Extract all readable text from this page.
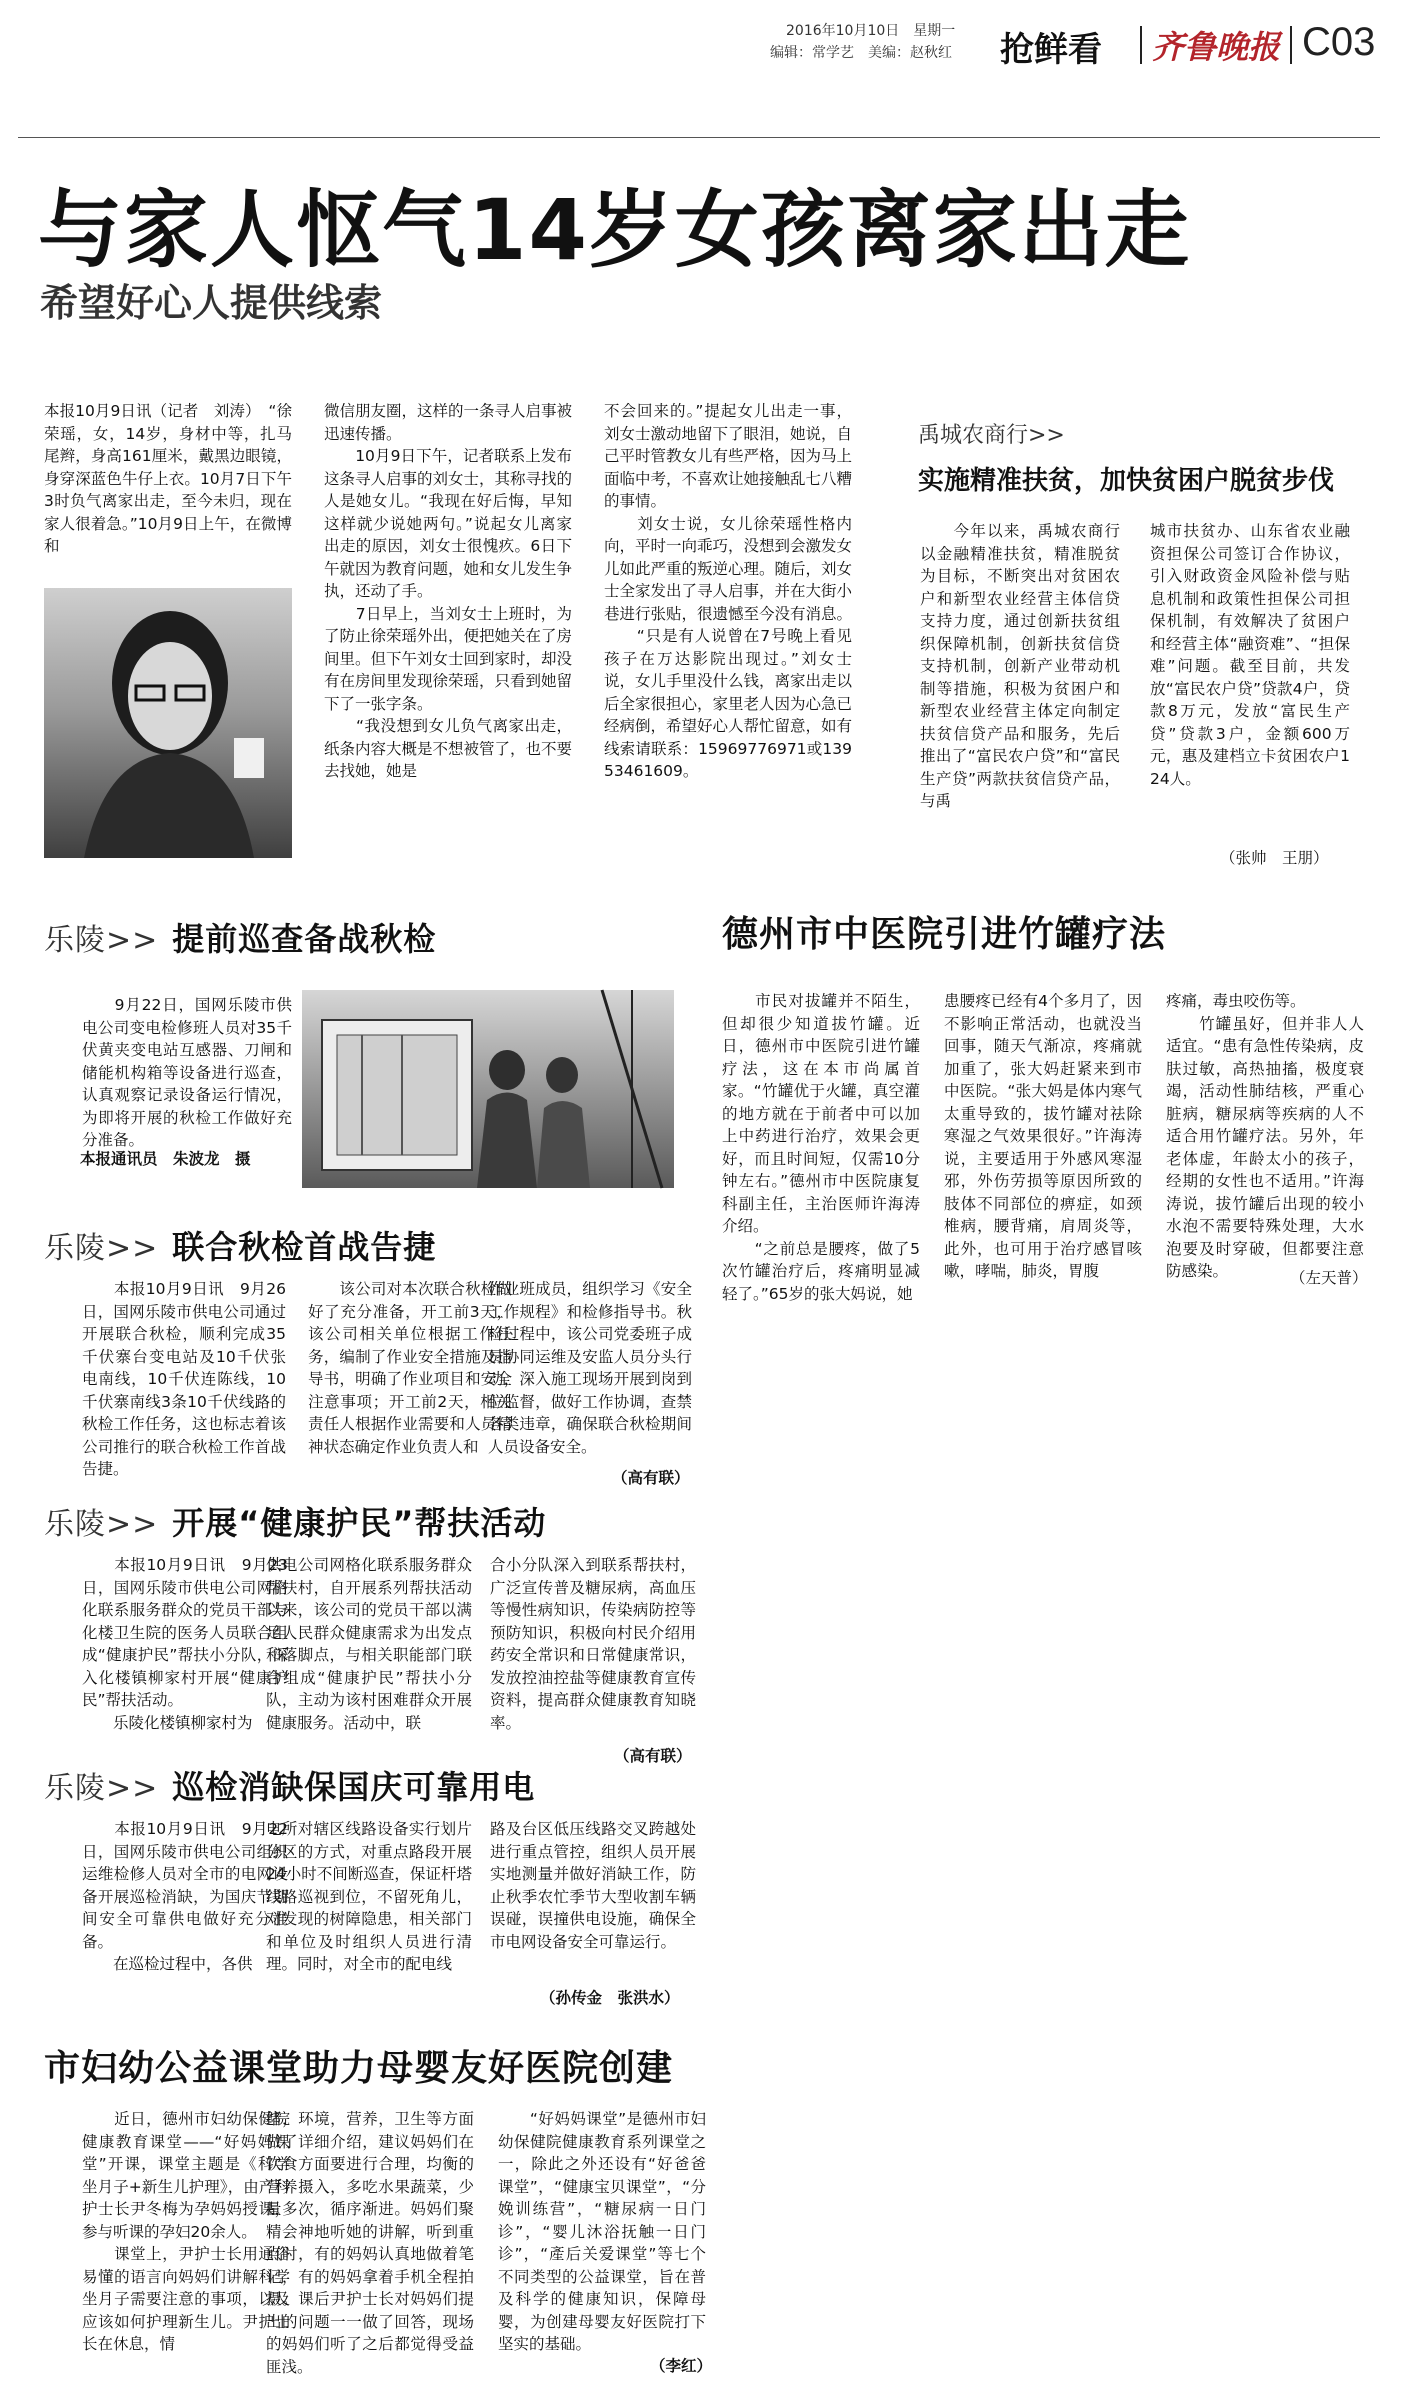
2016年10月10日　星期一
编辑：常学艺　美编：赵秋红 抢鲜看 齐鲁晚报 C03
与家人怄气14岁女孩离家出走
希望好心人提供线索
本报10月9日讯（记者　刘涛）　“徐荣瑶，女，14岁，身材中等，扎马尾辫，身高161厘米，戴黑边眼镜，身穿深蓝色牛仔上衣。10月7日下午3时负气离家出走，至今未归，现在家人很着急。”10月9日上午，在微博和
微信朋友圈，这样的一条寻人启事被迅速传播。
　　10月9日下午，记者联系上发布这条寻人启事的刘女士，其称寻找的人是她女儿。“我现在好后悔，早知这样就少说她两句。”说起女儿离家出走的原因，刘女士很愧疚。6日下午就因为教育问题，她和女儿发生争执，还动了手。
　　7日早上，当刘女士上班时，为了防止徐荣瑶外出，便把她关在了房间里。但下午刘女士回到家时，却没有在房间里发现徐荣瑶，只看到她留下了一张字条。
　　“我没想到女儿负气离家出走，纸条内容大概是不想被管了，也不要去找她，她是
不会回来的。”提起女儿出走一事，刘女士激动地留下了眼泪，她说，自己平时管教女儿有些严格，因为马上面临中考，不喜欢让她接触乱七八糟的事情。
　　刘女士说，女儿徐荣瑶性格内向，平时一向乖巧，没想到会激发女儿如此严重的叛逆心理。随后，刘女士全家发出了寻人启事，并在大街小巷进行张贴，很遗憾至今没有消息。
　　“只是有人说曾在7号晚上看见孩子在万达影院出现过。”刘女士说，女儿手里没什么钱，离家出走以后全家很担心，家里老人因为心急已经病倒，希望好心人帮忙留意，如有线索请联系：15969776971或13953461609。
禹城农商行>>
实施精准扶贫，加快贫困户脱贫步伐
　　今年以来，禹城农商行以金融精准扶贫，精准脱贫为目标，不断突出对贫困农户和新型农业经营主体信贷支持力度，通过创新扶贫组织保障机制，创新扶贫信贷支持机制，创新产业带动机制等措施，积极为贫困户和新型农业经营主体定向制定扶贫信贷产品和服务，先后推出了“富民农户贷”和“富民生产贷”两款扶贫信贷产品，与禹
城市扶贫办、山东省农业融资担保公司签订合作协议，引入财政资金风险补偿与贴息机制和政策性担保公司担保机制，有效解决了贫困户和经营主体“融资难”、“担保难”问题。截至目前，共发放“富民农户贷”贷款4户，贷款8万元，发放“富民生产贷”贷款3户，金额600万元，惠及建档立卡贫困农户124人。
（张帅　王朋）
乐陵>> 提前巡查备战秋检
　　9月22日，国网乐陵市供电公司变电检修班人员对35千伏黄夹变电站互感器、刀闸和储能机构箱等设备进行巡查，认真观察记录设备运行情况，为即将开展的秋检工作做好充分准备。
本报通讯员　朱波龙　摄
德州市中医院引进竹罐疗法
　　市民对拔罐并不陌生，但却很少知道拔竹罐。近日，德州市中医院引进竹罐疗法，这在本市尚属首家。“竹罐优于火罐，真空灌的地方就在于前者中可以加上中药进行治疗，效果会更好，而且时间短，仅需10分钟左右。”德州市中医院康复科副主任，主治医师许海涛介绍。
　　“之前总是腰疼，做了5次竹罐治疗后，疼痛明显减轻了。”65岁的张大妈说，她
患腰疼已经有4个多月了，因不影响正常活动，也就没当回事，随天气渐凉，疼痛就加重了，张大妈赶紧来到市中医院。“张大妈是体内寒气太重导致的，拔竹罐对祛除寒湿之气效果很好。”许海涛说，主要适用于外感风寒湿邪，外伤劳损等原因所致的肢体不同部位的痹症，如颈椎病，腰背痛，肩周炎等，此外，也可用于治疗感冒咳嗽，哮喘，肺炎，胃腹
疼痛，毒虫咬伤等。
　　竹罐虽好，但并非人人适宜。“患有急性传染病，皮肤过敏，高热抽搐，极度衰竭，活动性肺结核，严重心脏病，糖尿病等疾病的人不适合用竹罐疗法。另外，年老体虚，年龄太小的孩子，经期的女性也不适用。”许海涛说，拔竹罐后出现的较小水泡不需要特殊处理，大水泡要及时穿破，但都要注意防感染。	（左天普）
乐陵>> 联合秋检首战告捷
　　本报10月9日讯　9月26日，国网乐陵市供电公司通过开展联合秋检，顺利完成35千伏寨台变电站及10千伏张电南线，10千伏连陈线，10千伏寨南线3条10千伏线路的秋检工作任务，这也标志着该公司推行的联合秋检工作首战告捷。
　　该公司对本次联合秋检做好了充分准备，开工前3天，该公司相关单位根据工作任务，编制了作业安全措施及指导书，明确了作业项目和安全注意事项；开工前2天，相关责任人根据作业需要和人员精神状态确定作业负责人和
作业班成员，组织学习《安全工作规程》和检修指导书。秋检过程中，该公司党委班子成员协同运维及安监人员分头行动，深入施工现场开展到岗到位监督，做好工作协调，查禁各类违章，确保联合秋检期间人员设备安全。
（高有联）
乐陵>> 开展“健康护民”帮扶活动
　　本报10月9日讯　9月23日，国网乐陵市供电公司网格化联系服务群众的党员干部与化楼卫生院的医务人员联合组成“健康护民”帮扶小分队，深入化楼镇柳家村开展“健康护民”帮扶活动。
　　乐陵化楼镇柳家村为
供电公司网格化联系服务群众帮扶村，自开展系列帮扶活动以来，该公司的党员干部以满足人民群众健康需求为出发点和落脚点，与相关职能部门联合组成“健康护民”帮扶小分队，主动为该村困难群众开展健康服务。活动中，联
合小分队深入到联系帮扶村，广泛宣传普及糖尿病，高血压等慢性病知识，传染病防控等预防知识，积极向村民介绍用药安全常识和日常健康常识，发放控油控盐等健康教育宣传资料，提高群众健康教育知晓率。
（高有联）
乐陵>> 巡检消缺保国庆可靠用电
　　本报10月9日讯　9月22日，国网乐陵市供电公司组织运维检修人员对全市的电网设备开展巡检消缺，为国庆节期间安全可靠供电做好充分准备。
　　在巡检过程中，各供
电所对辖区线路设备实行划片分区的方式，对重点路段开展24小时不间断巡查，保证杆塔线路巡视到位，不留死角儿，对发现的树障隐患，相关部门和单位及时组织人员进行清理。同时，对全市的配电线
路及台区低压线路交叉跨越处进行重点管控，组织人员开展实地测量并做好消缺工作，防止秋季农忙季节大型收割车辆误碰，误撞供电设施，确保全市电网设备安全可靠运行。
（孙传金　张洪水）
市妇幼公益课堂助力母婴友好医院创建
　　近日，德州市妇幼保健院健康教育课堂——“好妈妈课堂”开课，课堂主题是《科学坐月子+新生儿护理》，由产科护士长尹冬梅为孕妈妈授课，参与听课的孕妇20余人。
　　课堂上，尹护士长用通俗易懂的语言向妈妈们讲解科学坐月子需要注意的事项，以及应该如何护理新生儿。尹护士长在休息，情
绪，环境，营养，卫生等方面做了详细介绍，建议妈妈们在饮食方面要进行合理，均衡的营养摄入，多吃水果蔬菜，少量多次，循序渐进。妈妈们聚精会神地听她的讲解，听到重点时，有的妈妈认真地做着笔记，有的妈妈拿着手机全程拍摄。课后尹护士长对妈妈们提出的问题一一做了回答，现场的妈妈们听了之后都觉得受益匪浅。
　　“好妈妈课堂”是德州市妇幼保健院健康教育系列课堂之一，除此之外还设有“好爸爸课堂”，“健康宝贝课堂”，“分娩训练营”，“糖尿病一日门诊”，“婴儿沐浴抚触一日门诊”，“產后关爱课堂”等七个不同类型的公益课堂，旨在普及科学的健康知识，保障母婴，为创建母婴友好医院打下坚实的基础。
（李红）
